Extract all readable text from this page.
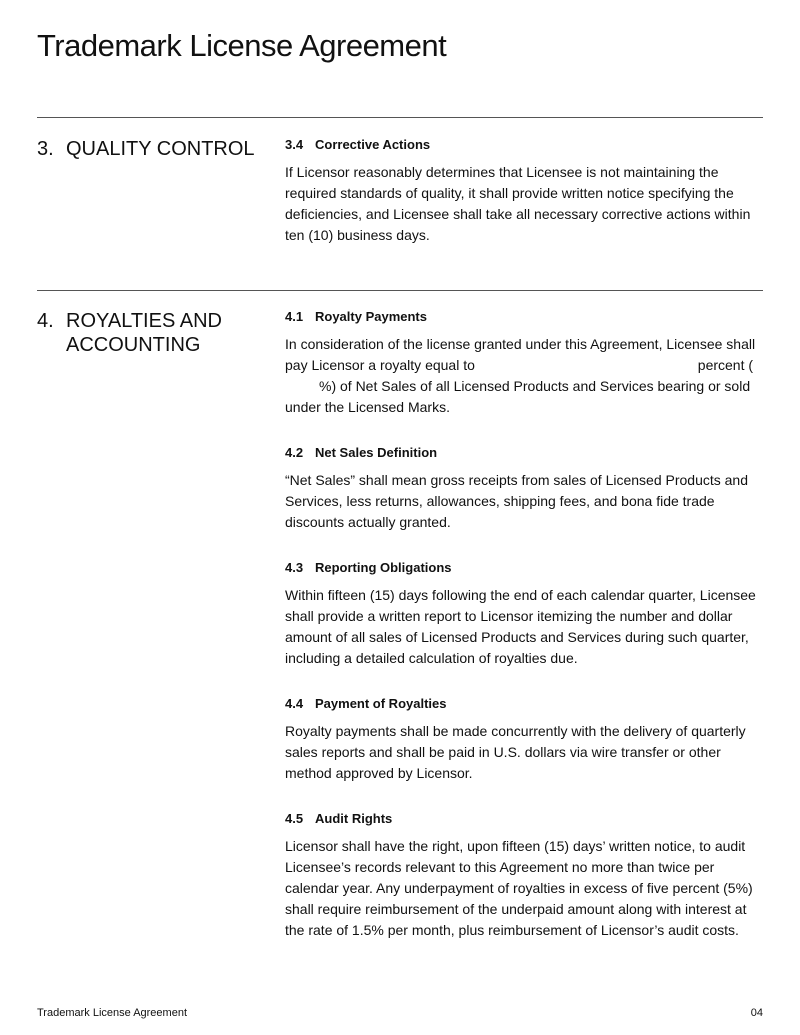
Trademark License Agreement
3. QUALITY CONTROL 3.4 Corrective Actions

If Licensor reasonably determines that Licensee is not maintaining the required standards of quality, it shall provide written notice specifying the deficiencies, and Licensee shall take all necessary corrective actions within ten (10) business days.

4. ROYALTIES AND ACCOUNTING

4.1 Royalty Payments

In consideration of the license granted under this Agreement, Licensee shall pay Licensor a royalty equal to	percent (%) of Net Sales of all Licensed Products and Services bearing or sold under the Licensed Marks.

4.2 Net Sales Definition

“Net Sales” shall mean gross receipts from sales of Licensed Products and Services, less returns, allowances, shipping fees, and bona fide trade discounts actually granted.

4.3 Reporting Obligations

Within fifteen (15) days following the end of each calendar quarter, Licensee shall provide a written report to Licensor itemizing the number and dollar amount of all sales of Licensed Products and Services during such quarter, including a detailed calculation of royalties due.

4.4 Payment of Royalties

Royalty payments shall be made concurrently with the delivery of quarterly sales reports and shall be paid in U.S. dollars via wire transfer or other method approved by Licensor.

4.5 Audit Rights

Licensor shall have the right, upon fifteen (15) days’ written notice, to audit Licensee’s records relevant to this Agreement no more than twice per calendar year. Any underpayment of royalties in excess of five percent (5%) shall require reimbursement of the underpaid amount along with interest at the rate of 1.5% per month, plus reimbursement of Licensor’s audit costs.

Trademark License Agreement	04
